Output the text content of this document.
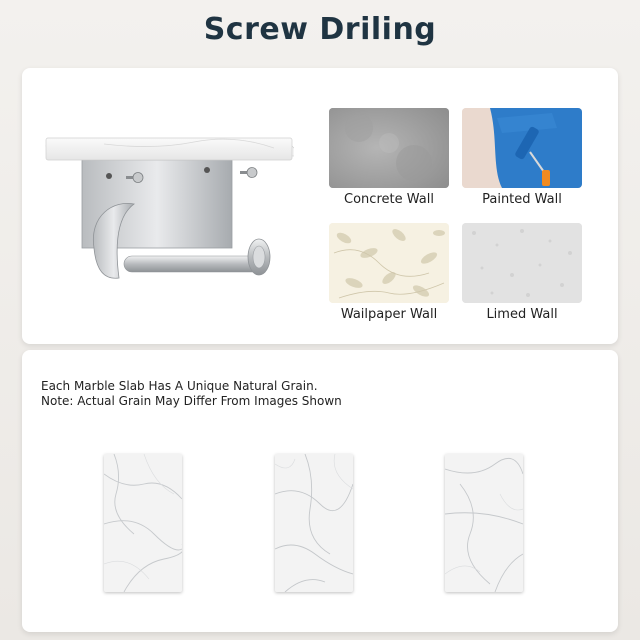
Screw Driling
Concrete Wall	Painted Wall
Wailpaper Wall	Limed Wall
Each Marble Slab Has A Unique Natural Grain.
Note: Actual Grain May Differ From Images Shown
